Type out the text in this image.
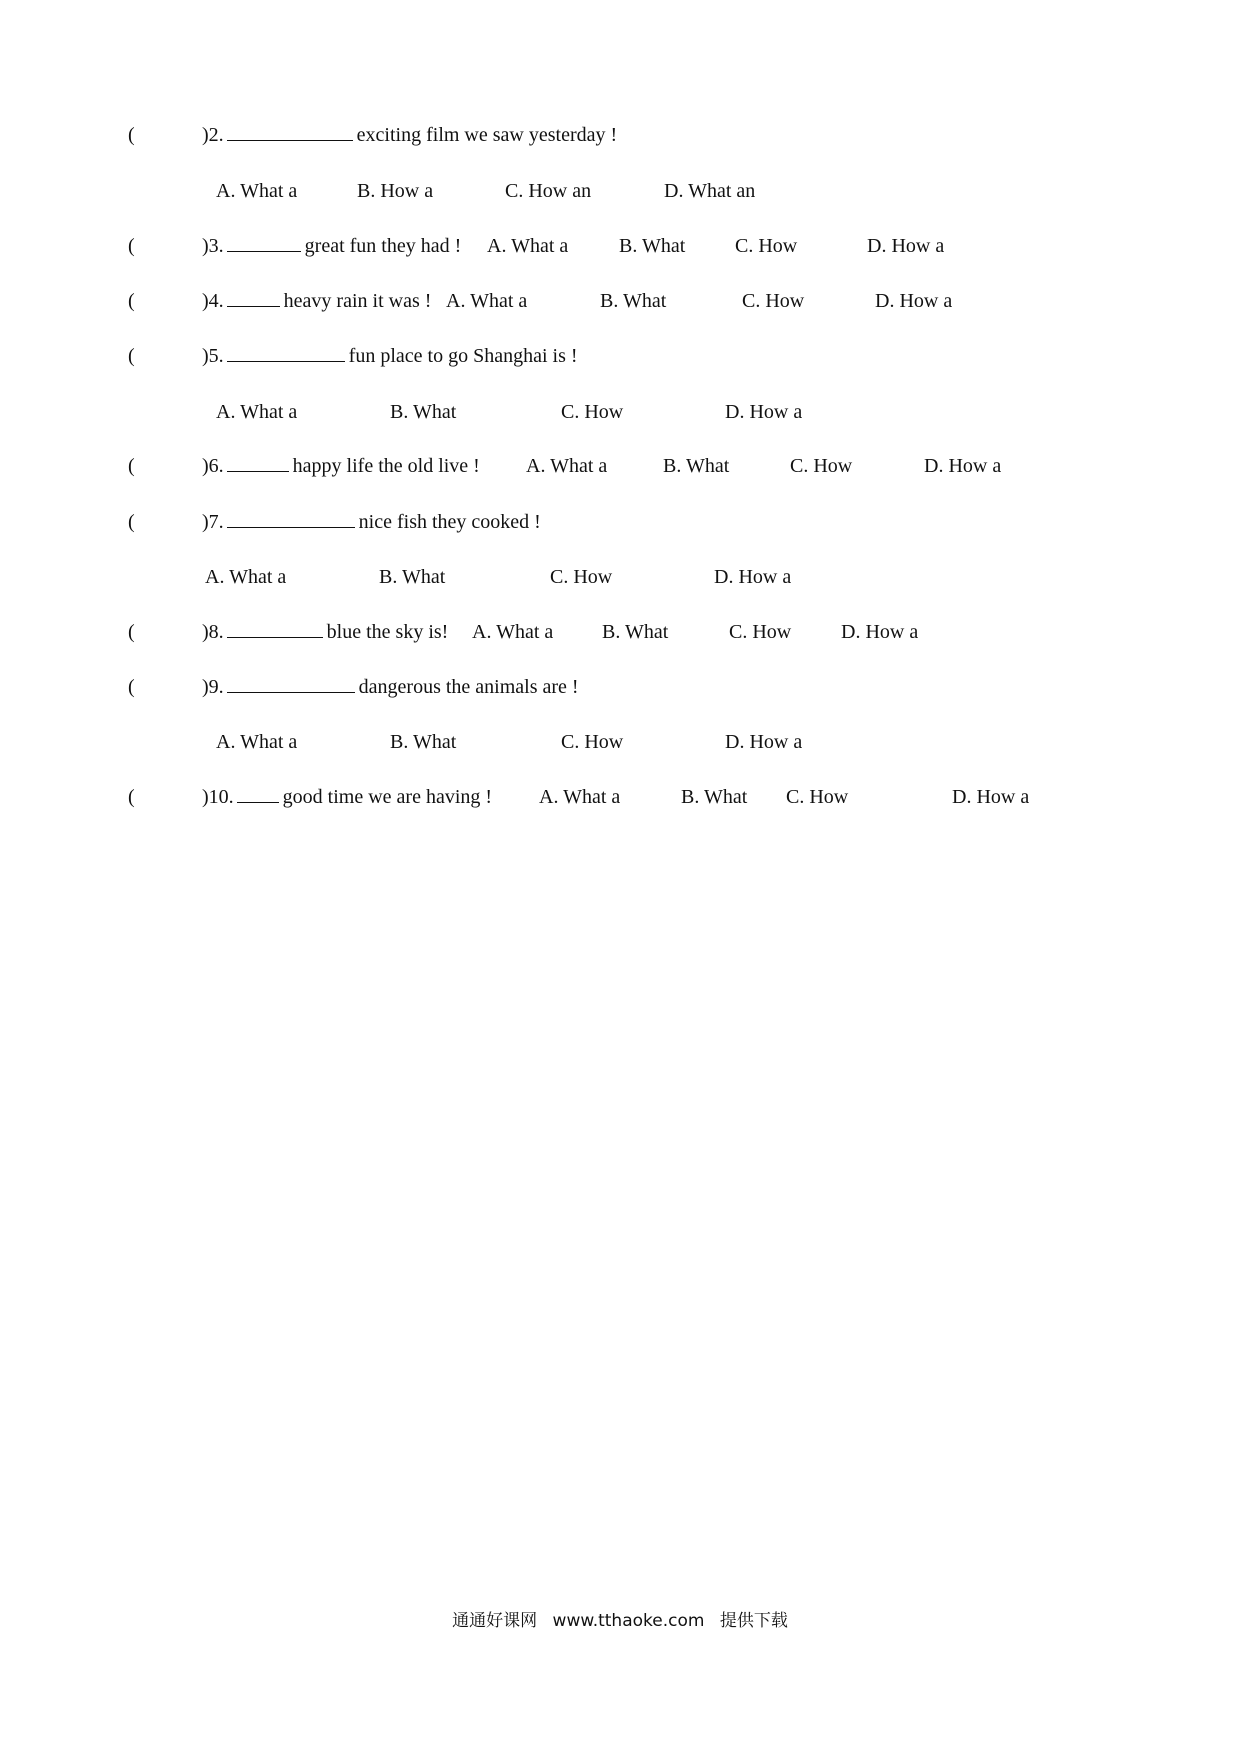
(	)2.	exciting film we saw yesterday !
A. What a	B. How a	C. How an	D. What an
(	)3.	great fun they had ! A. What a	B. What C. How	D. How a
(	)4.	heavy rain it was !	B. What	C. How	D. How a
A. What a
(	)5.	fun place to go Shanghai is !
A. What a	B. What	C. How	D. How a
(	)6.	happy life the old live ! A. What a	B. What	C. How	D. How a
(	)7.	nice fish they cooked !
A. What a	B. What	C. How	D. How a
(	)8.	blue the sky is! A. What a B. What	C. How D. How a
(	)9.	dangerous the animals are !
A. What a	B. What	C. How	D. How a
(	)10. good time we are having ! A. What a	B. What C. How	D. How a
通通好课网 www.tthaoke.com 提供下载
